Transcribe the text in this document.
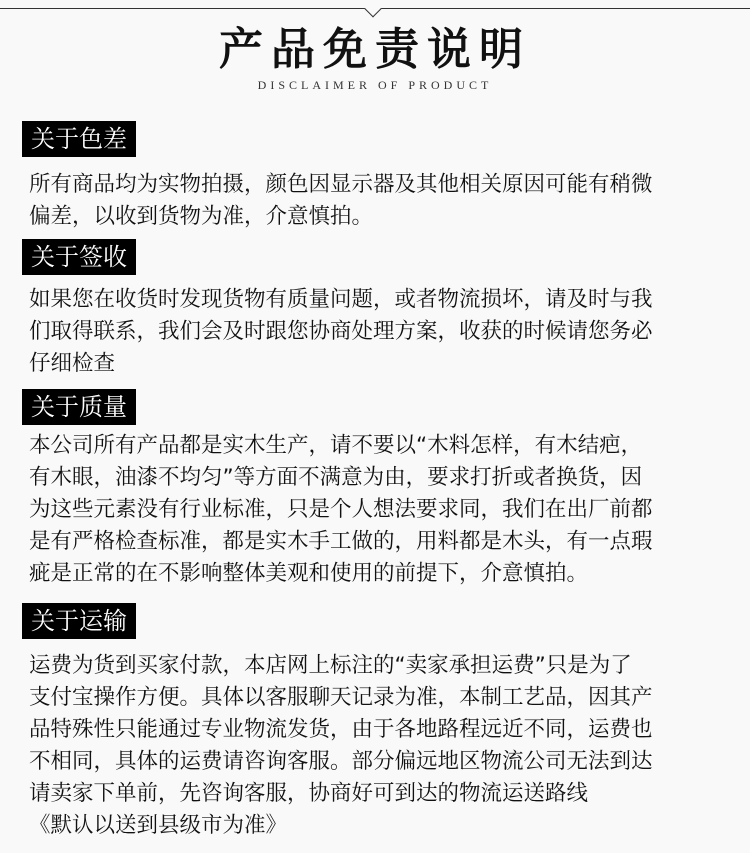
产品免责说明
DISCLAIMER OF PRODUCT
关于色差
所有商品均为实物拍摄，颜色因显示器及其他相关原因可能有稍微
偏差，以收到货物为准，介意慎拍。
关于签收
如果您在收货时发现货物有质量问题，或者物流损坏，请及时与我
们取得联系，我们会及时跟您协商处理方案，收获的时候请您务必
仔细检查
关于质量
本公司所有产品都是实木生产，请不要以“木料怎样，有木结疤，
有木眼，油漆不均匀”等方面不满意为由，要求打折或者换货，因
为这些元素没有行业标准，只是个人想法要求同，我们在出厂前都
是有严格检查标准，都是实木手工做的，用料都是木头，有一点瑕
疵是正常的在不影响整体美观和使用的前提下，介意慎拍。
关于运输
运费为货到买家付款，本店网上标注的“卖家承担运费”只是为了
支付宝操作方便。具体以客服聊天记录为准，本制工艺品，因其产
品特殊性只能通过专业物流发货，由于各地路程远近不同，运费也
不相同，具体的运费请咨询客服。部分偏远地区物流公司无法到达
请卖家下单前，先咨询客服，协商好可到达的物流运送路线
《默认以送到县级市为准》
